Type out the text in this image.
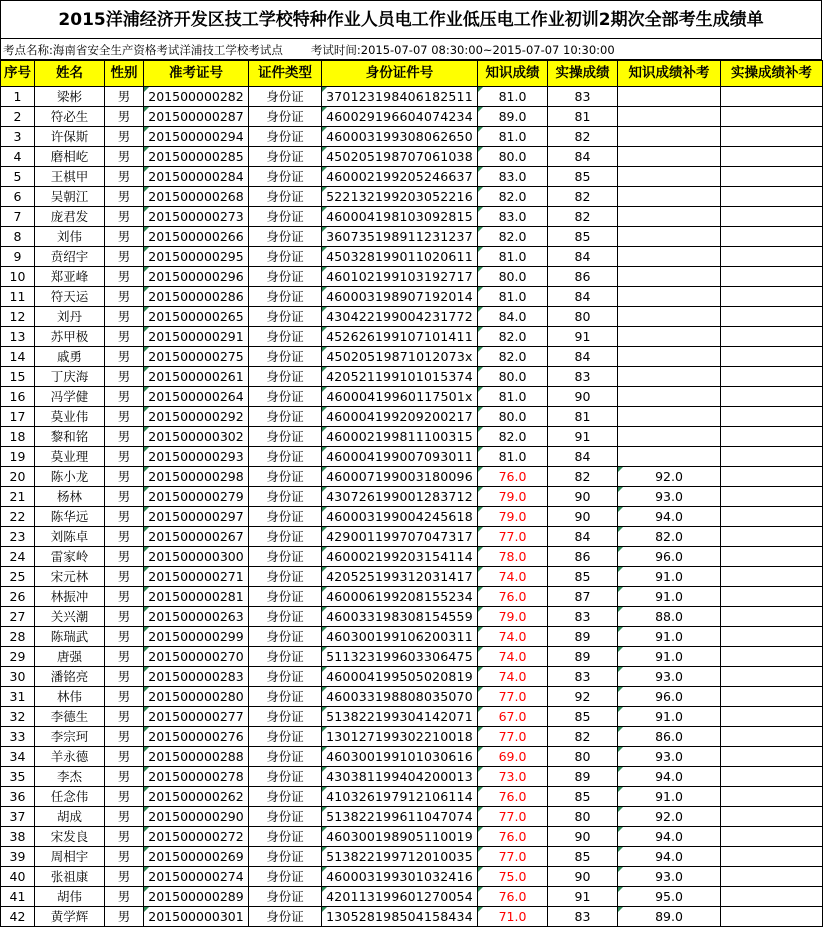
2015洋浦经济开发区技工学校特种作业人员电工作业低压电工作业初训2期次全部考生成绩单
考点名称:海南省安全生产资格考试洋浦技工学校考试点 考试时间:2015-07-07 08:30:00~2015-07-07 10:30:00
序号	姓名	性别	准考证号	证件类型	身份证件号	知识成绩	实操成绩	知识成绩补考	实操成绩补考
1	梁彬	男	201500000282	身份证	370123198406182511	81.0	83		
2	符必生	男	201500000287	身份证	460029196604074234	89.0	81		
3	许保斯	男	201500000294	身份证	460003199308062650	81.0	82		
4	磨相屹	男	201500000285	身份证	450205198707061038	80.0	84		
5	王棋甲	男	201500000284	身份证	460002199205246637	83.0	85		
6	吴朝江	男	201500000268	身份证	522132199203052216	82.0	82		
7	庞君发	男	201500000273	身份证	460004198103092815	83.0	82		
8	刘伟	男	201500000266	身份证	360735198911231237	82.0	85		
9	贲绍宇	男	201500000295	身份证	450328199011020611	81.0	84		
10	郑亚峰	男	201500000296	身份证	460102199103192717	80.0	86		
11	符天运	男	201500000286	身份证	460003198907192014	81.0	84		
12	刘丹	男	201500000265	身份证	430422199004231772	84.0	80		
13	苏甲极	男	201500000291	身份证	452626199107101411	82.0	91		
14	戚勇	男	201500000275	身份证	45020519871012073x	82.0	84		
15	丁庆海	男	201500000261	身份证	420521199101015374	80.0	83		
16	冯学健	男	201500000264	身份证	46000419960117501x	81.0	90		
17	莫业伟	男	201500000292	身份证	460004199209200217	80.0	81		
18	黎和铭	男	201500000302	身份证	460002199811100315	82.0	91		
19	莫业理	男	201500000293	身份证	460004199007093011	81.0	84		
20	陈小龙	男	201500000298	身份证	460007199003180096	76.0	82	92.0	
21	杨林	男	201500000279	身份证	430726199001283712	79.0	90	93.0	
22	陈华远	男	201500000297	身份证	460003199004245618	79.0	90	94.0	
23	刘陈卓	男	201500000267	身份证	429001199707047317	77.0	84	82.0	
24	雷家岭	男	201500000300	身份证	460002199203154114	78.0	86	96.0	
25	宋元林	男	201500000271	身份证	420525199312031417	74.0	85	91.0	
26	林振冲	男	201500000281	身份证	460006199208155234	76.0	87	91.0	
27	关兴潮	男	201500000263	身份证	460033198308154559	79.0	83	88.0	
28	陈瑞武	男	201500000299	身份证	460300199106200311	74.0	89	91.0	
29	唐强	男	201500000270	身份证	511323199603306475	74.0	89	91.0	
30	潘铭亮	男	201500000283	身份证	460004199505020819	74.0	83	93.0	
31	林伟	男	201500000280	身份证	460033198808035070	77.0	92	96.0	
32	李德生	男	201500000277	身份证	513822199304142071	67.0	85	91.0	
33	李宗珂	男	201500000276	身份证	130127199302210018	77.0	82	86.0	
34	羊永德	男	201500000288	身份证	460300199101030616	69.0	80	93.0	
35	李杰	男	201500000278	身份证	430381199404200013	73.0	89	94.0	
36	任念伟	男	201500000262	身份证	410326197912106114	76.0	85	91.0	
37	胡成	男	201500000290	身份证	513822199611047074	77.0	80	92.0	
38	宋发良	男	201500000272	身份证	460300198905110019	76.0	90	94.0	
39	周相宇	男	201500000269	身份证	513822199712010035	77.0	85	94.0	
40	张祖康	男	201500000274	身份证	460003199301032416	75.0	90	93.0	
41	胡伟	男	201500000289	身份证	420113199601270054	76.0	91	95.0	
42	黄学辉	男	201500000301	身份证	130528198504158434	71.0	83	89.0	
